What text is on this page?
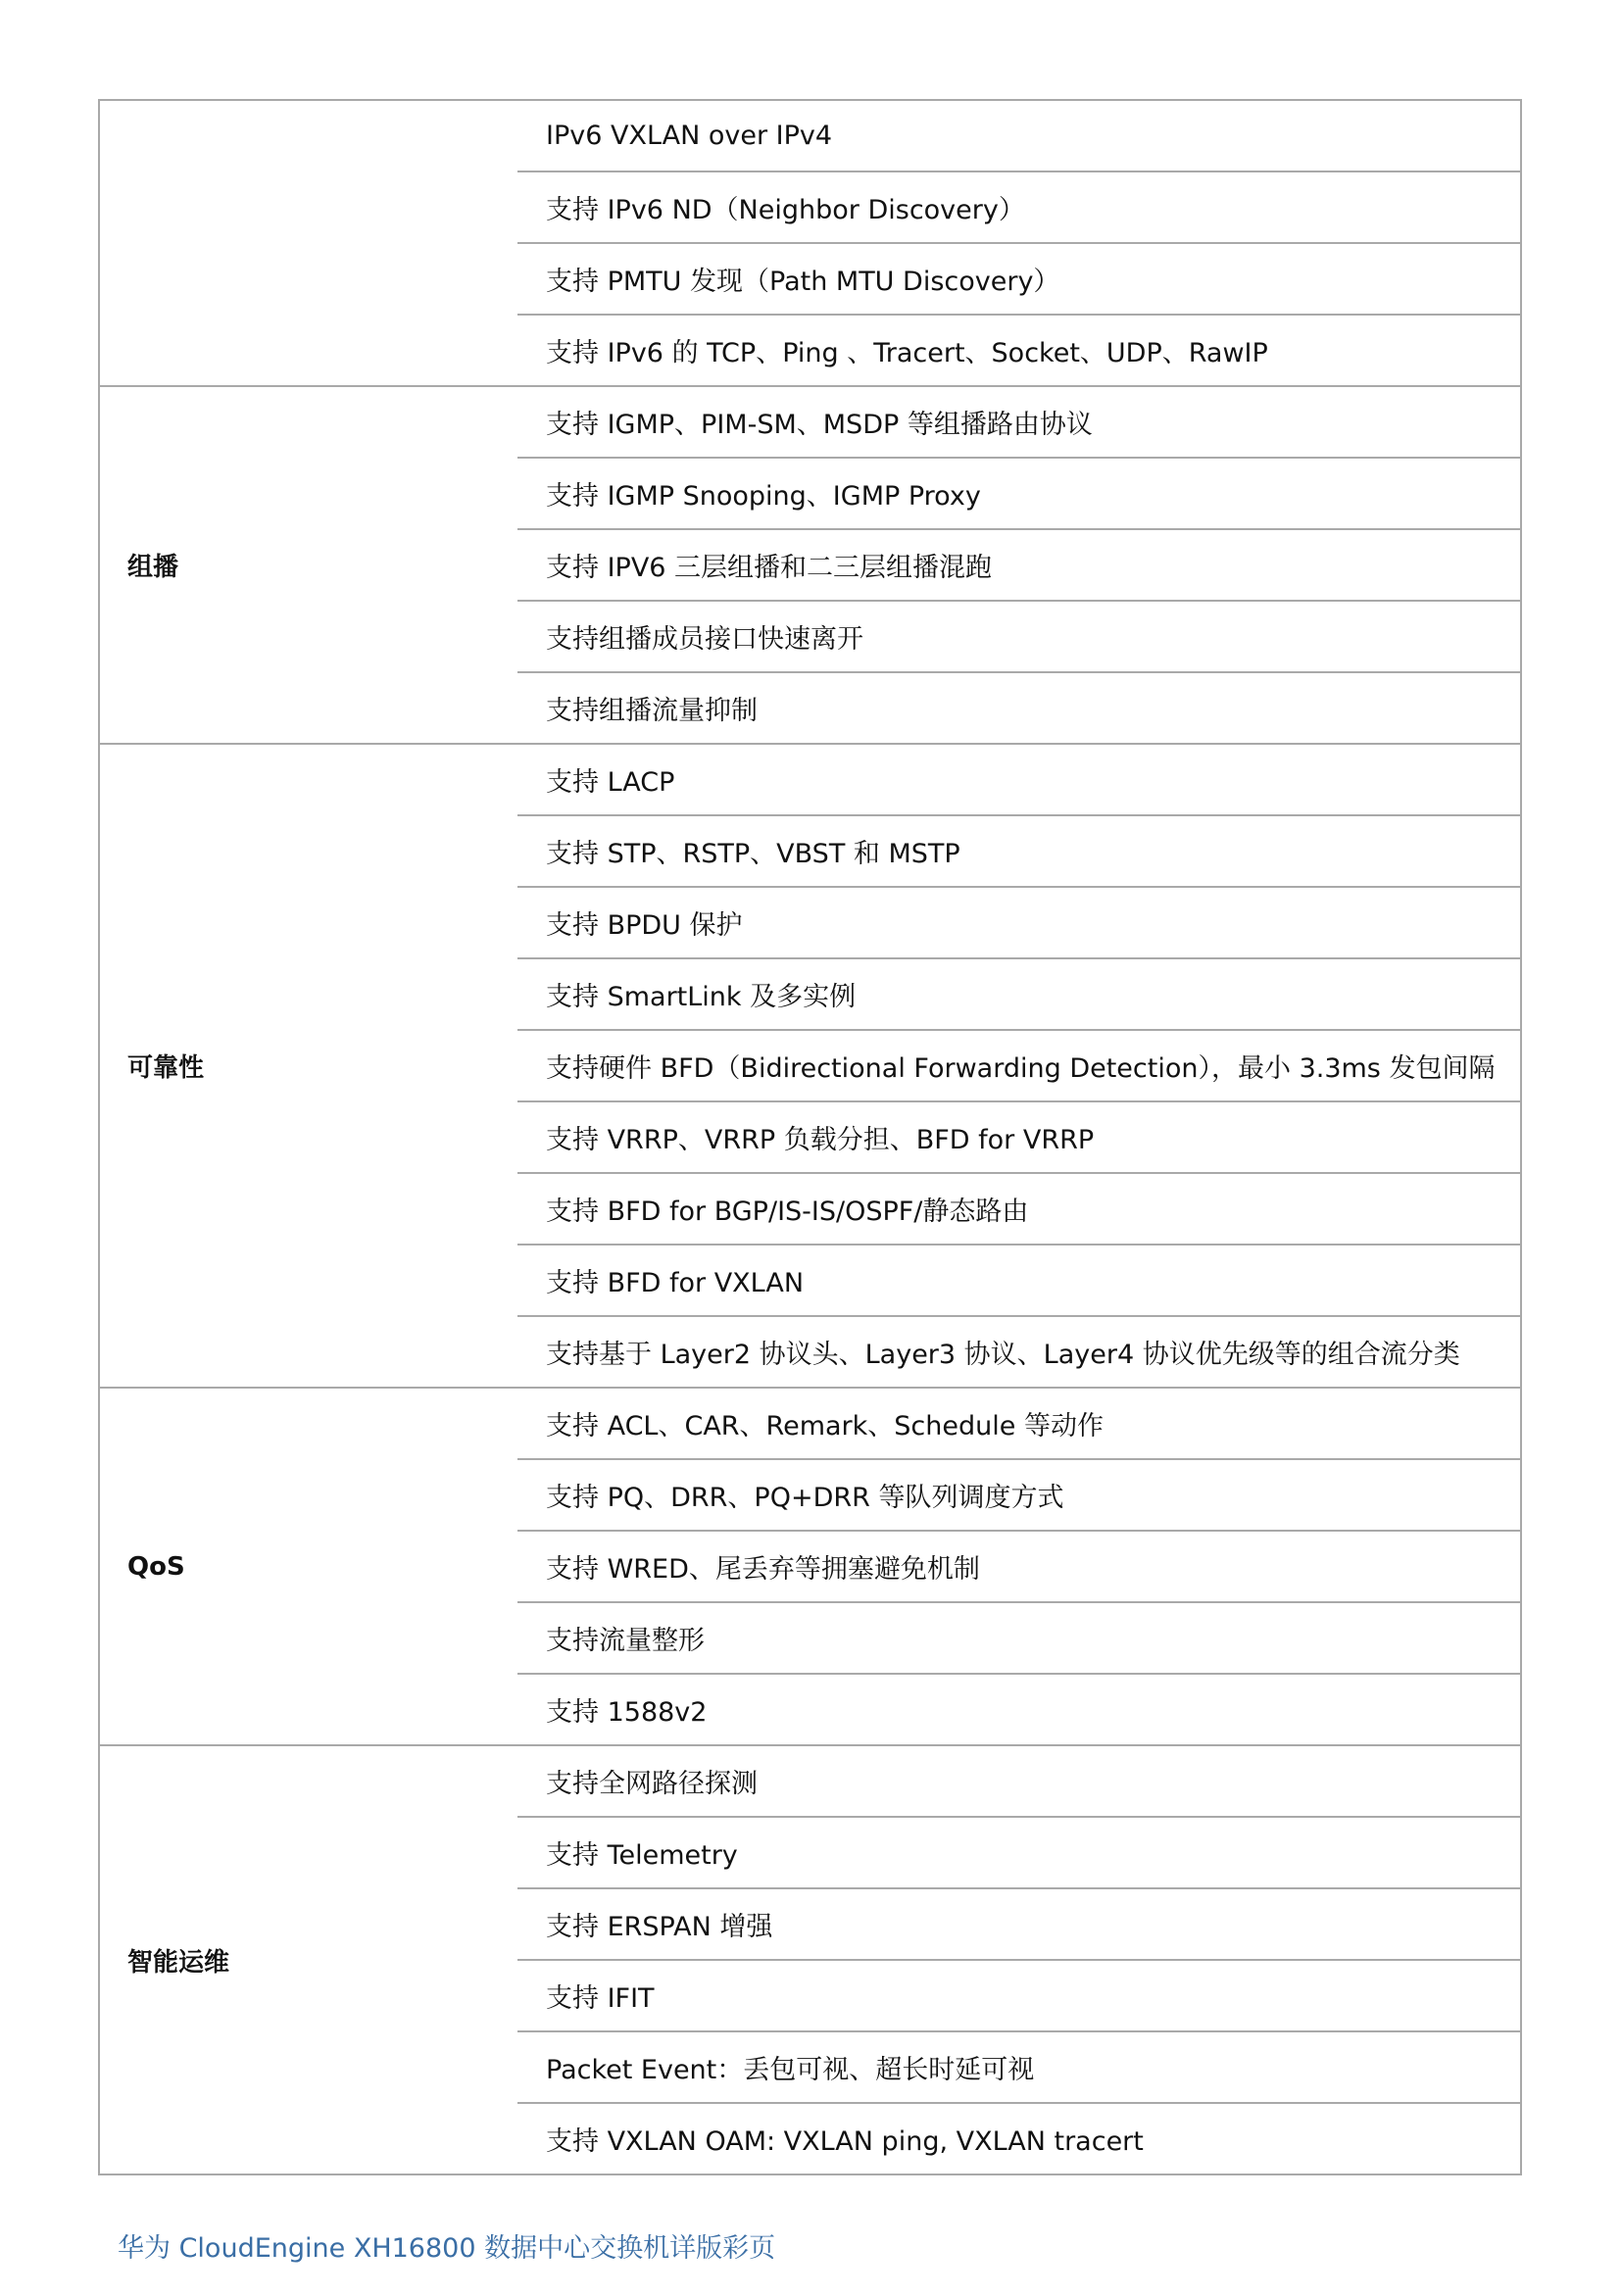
IPv6 VXLAN over IPv4
支持 IPv6 ND（Neighbor Discovery）
支持 PMTU 发现（Path MTU Discovery）
支持 IPv6 的 TCP、Ping 、Tracert、Socket、UDP、RawIP
组播
支持 IGMP、PIM-SM、MSDP 等组播路由协议
支持 IGMP Snooping、IGMP Proxy
支持 IPV6 三层组播和二三层组播混跑
支持组播成员接口快速离开
支持组播流量抑制
可靠性
支持 LACP
支持 STP、RSTP、VBST 和 MSTP
支持 BPDU 保护
支持 SmartLink 及多实例
支持硬件 BFD（Bidirectional Forwarding Detection），最小 3.3ms 发包间隔
支持 VRRP、VRRP 负载分担、BFD for VRRP
支持 BFD for BGP/IS-IS/OSPF/静态路由
支持 BFD for VXLAN
支持基于 Layer2 协议头、Layer3 协议、Layer4 协议优先级等的组合流分类
QoS
支持 ACL、CAR、Remark、Schedule 等动作
支持 PQ、DRR、PQ+DRR 等队列调度方式
支持 WRED、尾丢弃等拥塞避免机制
支持流量整形
支持 1588v2
智能运维
支持全网路径探测
支持 Telemetry
支持 ERSPAN 增强
支持 IFIT
Packet Event：丢包可视、超长时延可视
支持 VXLAN OAM: VXLAN ping, VXLAN tracert
华为 CloudEngine XH16800 数据中心交换机详版彩页
